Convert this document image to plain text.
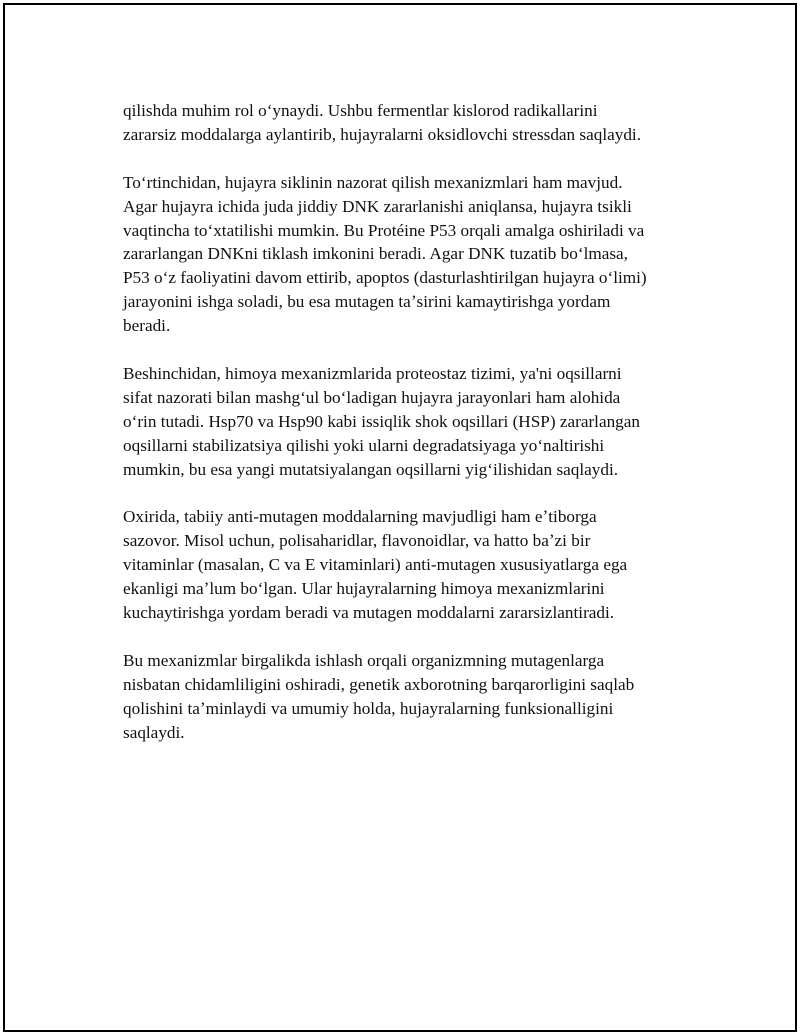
qilishda muhim rol oʻynaydi. Ushbu fermentlar kislorod radikallarini
zararsiz moddalarga aylantirib, hujayralarni oksidlovchi stressdan saqlaydi.

Toʻrtinchidan, hujayra siklinin nazorat qilish mexanizmlari ham mavjud.
Agar hujayra ichida juda jiddiy DNK zararlanishi aniqlansa, hujayra tsikli
vaqtincha toʻxtatilishi mumkin. Bu Protéine P53 orqali amalga oshiriladi va
zararlangan DNKni tiklash imkonini beradi. Agar DNK tuzatib boʻlmasa,
P53 oʻz faoliyatini davom ettirib, apoptos (dasturlashtirilgan hujayra oʻlimi)
jarayonini ishga soladi, bu esa mutagen taʼsirini kamaytirishga yordam
beradi.

Beshinchidan, himoya mexanizmlarida proteostaz tizimi, ya'ni oqsillarni
sifat nazorati bilan mashgʻul boʻladigan hujayra jarayonlari ham alohida
oʻrin tutadi. Hsp70 va Hsp90 kabi issiqlik shok oqsillari (HSP) zararlangan
oqsillarni stabilizatsiya qilishi yoki ularni degradatsiyaga yoʻnaltirishi
mumkin, bu esa yangi mutatsiyalangan oqsillarni yigʻilishidan saqlaydi.

Oxirida, tabiiy anti-mutagen moddalarning mavjudligi ham eʼtiborga
sazovor. Misol uchun, polisaharidlar, flavonoidlar, va hatto baʼzi bir
vitaminlar (masalan, C va E vitaminlari) anti-mutagen xususiyatlarga ega
ekanligi maʼlum boʻlgan. Ular hujayralarning himoya mexanizmlarini
kuchaytirishga yordam beradi va mutagen moddalarni zararsizlantiradi.

Bu mexanizmlar birgalikda ishlash orqali organizmning mutagenlarga
nisbatan chidamliligini oshiradi, genetik axborotning barqarorligini saqlab
qolishini taʼminlaydi va umumiy holda, hujayralarning funksionalligini
saqlaydi.
